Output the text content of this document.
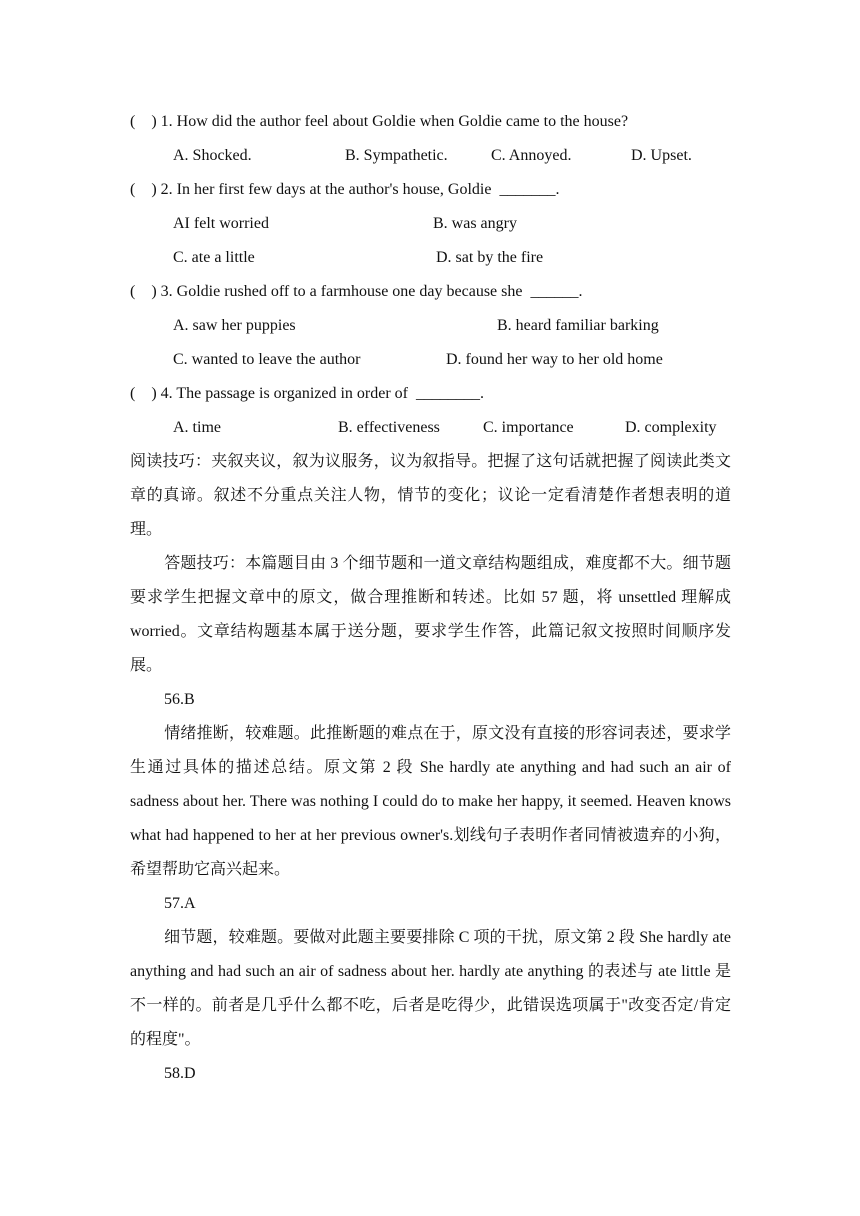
(    ) 1. How did the author feel about Goldie when Goldie came to the house?
A. Shocked.	B. Sympathetic.	C. Annoyed.	D. Upset.
(    ) 2. In her first few days at the author's house, Goldie  _______.
AI felt worried	B. was angry
C. ate a little	D. sat by the fire
(    ) 3. Goldie rushed off to a farmhouse one day because she  ______.
A. saw her puppies	B. heard familiar barking
C. wanted to leave the author	D. found her way to her old home
(    ) 4. The passage is organized in order of  ________.
A. time	B. effectiveness	C. importance	D. complexity
阅读技巧：夹叙夹议，叙为议服务，议为叙指导。把握了这句话就把握了阅读此类文章的真谛。叙述不分重点关注人物，情节的变化；议论一定看清楚作者想表明的道理。
答题技巧：本篇题目由 3 个细节题和一道文章结构题组成，难度都不大。细节题要求学生把握文章中的原文，做合理推断和转述。比如 57 题，将 unsettled 理解成 worried。文章结构题基本属于送分题，要求学生作答，此篇记叙文按照时间顺序发展。
56.B
情绪推断，较难题。此推断题的难点在于，原文没有直接的形容词表述，要求学生通过具体的描述总结。原文第 2 段 She hardly ate anything and had such an air of sadness about her. There was nothing I could do to make her happy, it seemed. Heaven knows what had happened to her at her previous owner's.划线句子表明作者同情被遗弃的小狗，希望帮助它高兴起来。
57.A
细节题，较难题。要做对此题主要要排除 C 项的干扰，原文第 2 段 She hardly ate anything and had such an air of sadness about her. hardly ate anything 的表述与 ate little 是不一样的。前者是几乎什么都不吃，后者是吃得少，此错误选项属于"改变否定/肯定的程度"。
58.D
